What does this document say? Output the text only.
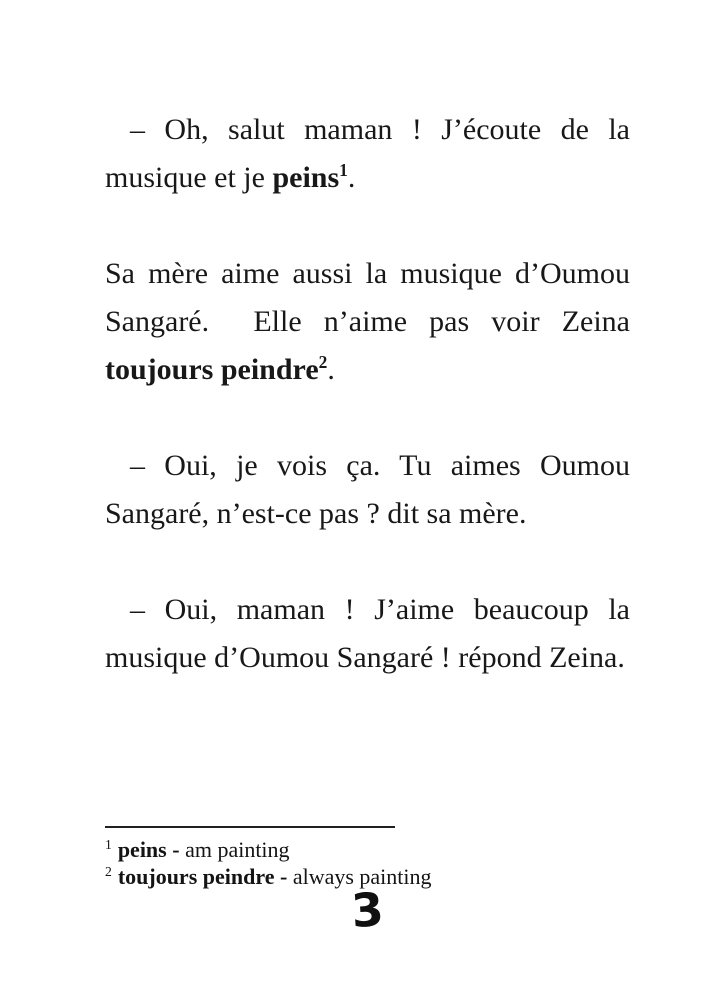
– Oh, salut maman ! J’écoute de la musique et je peins$^1$.

Sa mère aime aussi la musique d’Oumou Sangaré.  Elle n’aime pas voir Zeina toujours peindre$^2$.

– Oui, je vois ça. Tu aimes Oumou Sangaré, n’est-ce pas ? dit sa mère.

– Oui, maman ! J’aime beaucoup la musique d’Oumou Sangaré ! répond Zeina.

$^1$ peins - am painting
$^2$ toujours peindre - always painting
3
